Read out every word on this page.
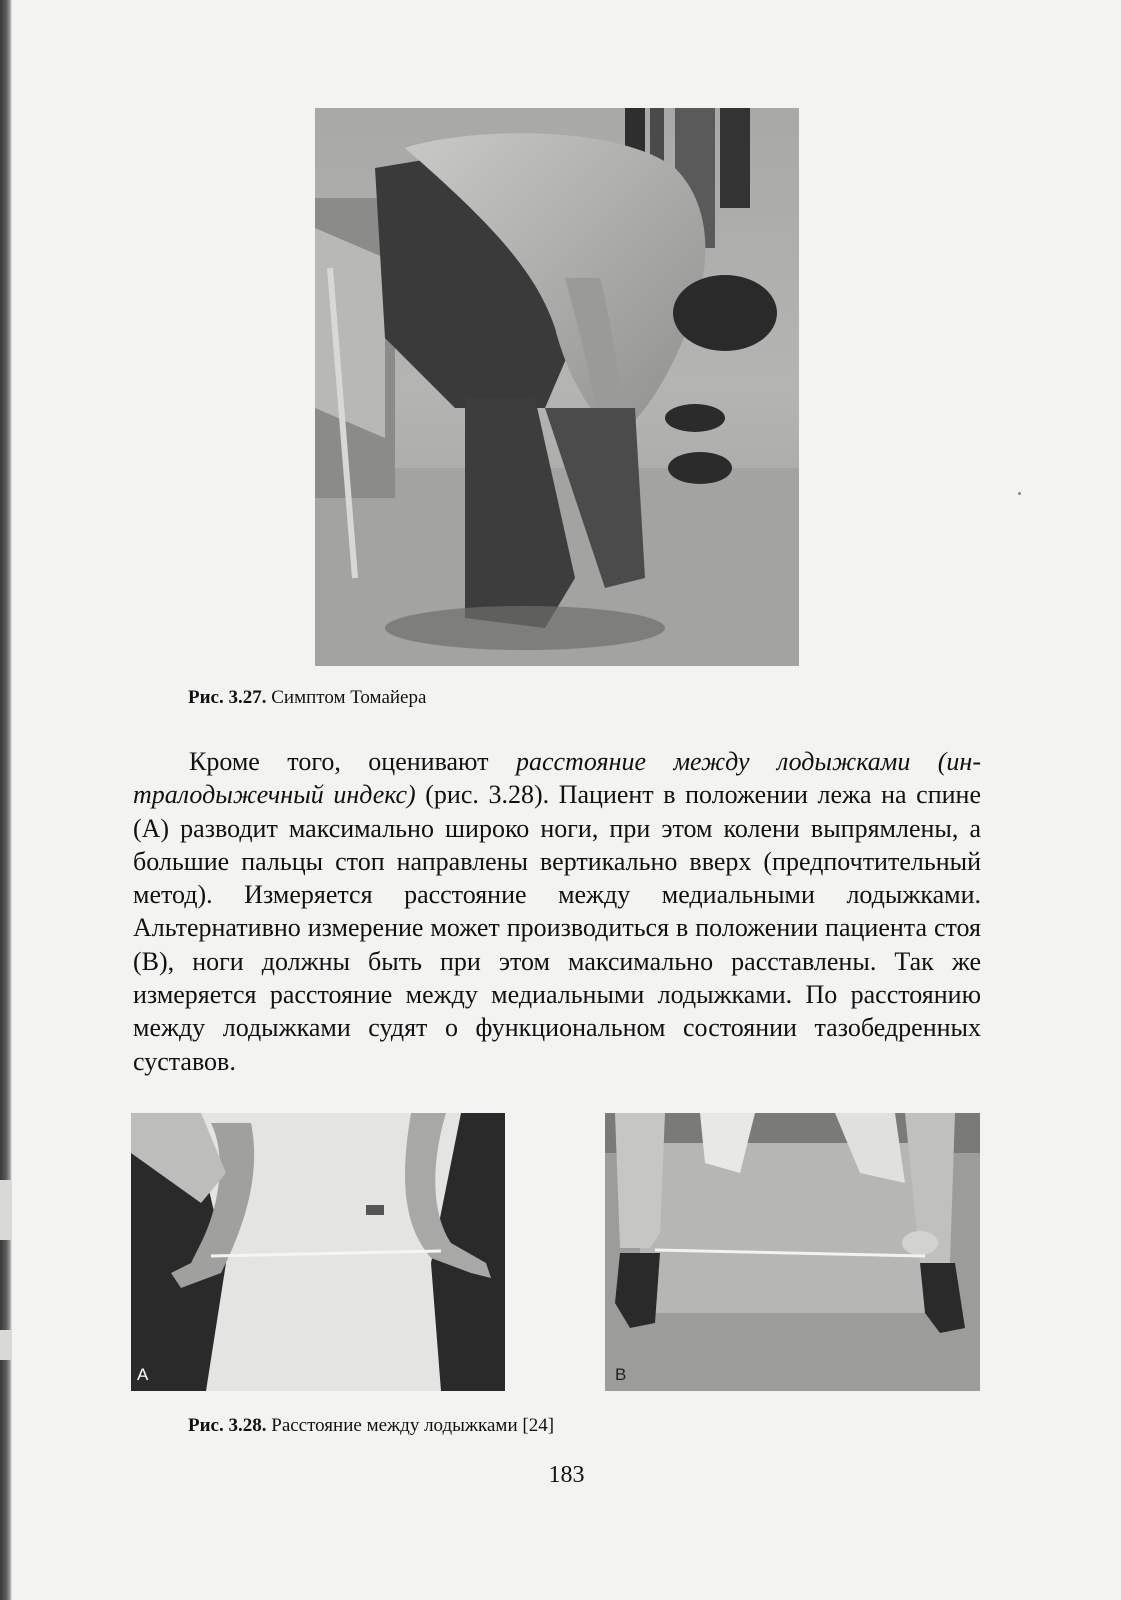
Рис. 3.27. Симптом Томайера

Кроме того, оценивают расстояние между лодыжками (интралодыжечный индекс) (рис. 3.28). Пациент в положении лежа на спине (А) разводит максимально широко ноги, при этом колени выпрямлены, а большие пальцы стоп направлены вертикально вверх (предпочтительный метод). Измеряется расстояние между медиальными лодыжками. Альтернативно измерение может производиться в положении пациента стоя (В), ноги должны быть при этом максимально расставлены. Так же измеряется расстояние между медиальными лодыжками. По расстоянию между лодыжками судят о функциональном состоянии тазобедренных суставов.

A	B
Рис. 3.28. Расстояние между лодыжками [24]
183
